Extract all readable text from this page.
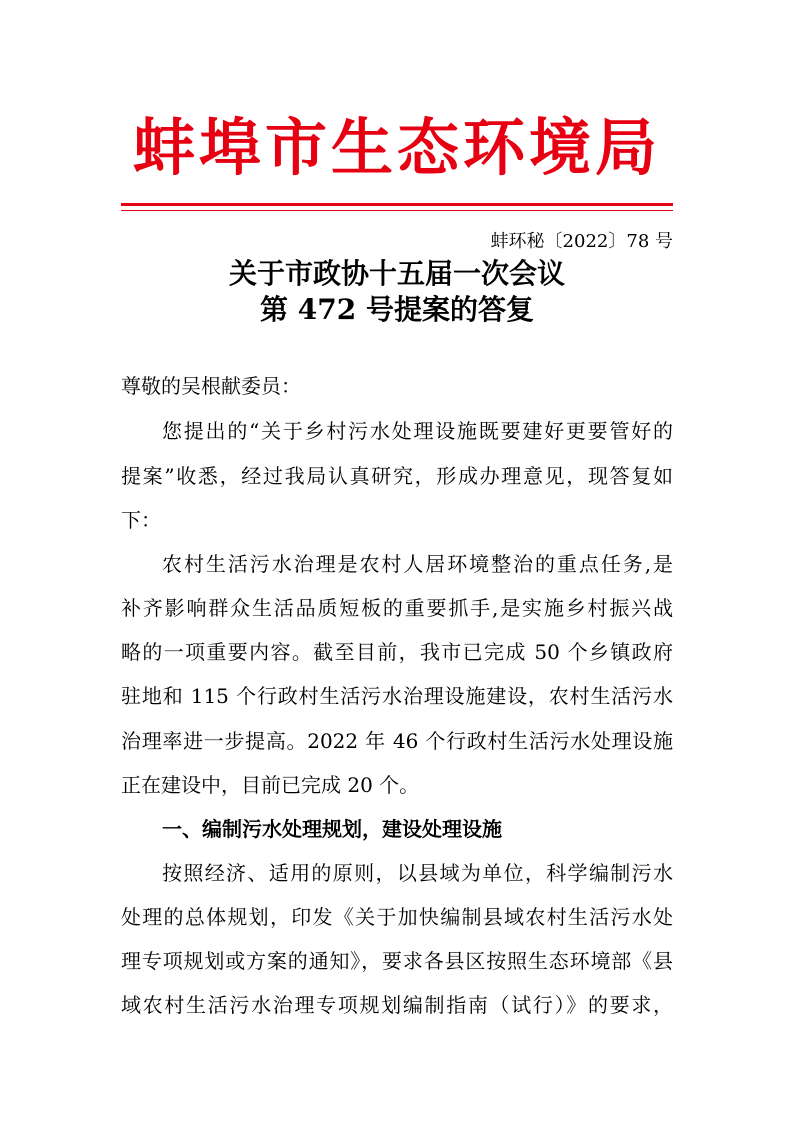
蚌埠市生态环境局
蚌环秘〔2022〕78 号
关于市政协十五届一次会议
第 472 号提案的答复
尊敬的吴根献委员：
您提出的“关于乡村污水处理设施既要建好更要管好的
提案”收悉，经过我局认真研究，形成办理意见，现答复如
下：
农村生活污水治理是农村人居环境整治的重点任务,是
补齐影响群众生活品质短板的重要抓手,是实施乡村振兴战
略的一项重要内容。截至目前，我市已完成 50 个乡镇政府
驻地和 115 个行政村生活污水治理设施建设，农村生活污水
治理率进一步提高。2022 年 46 个行政村生活污水处理设施
正在建设中，目前已完成 20 个。
一、编制污水处理规划，建设处理设施
按照经济、适用的原则，以县域为单位，科学编制污水
处理的总体规划，印发《关于加快编制县域农村生活污水处
理专项规划或方案的通知》，要求各县区按照生态环境部《县
域农村生活污水治理专项规划编制指南（试行）》的要求，
